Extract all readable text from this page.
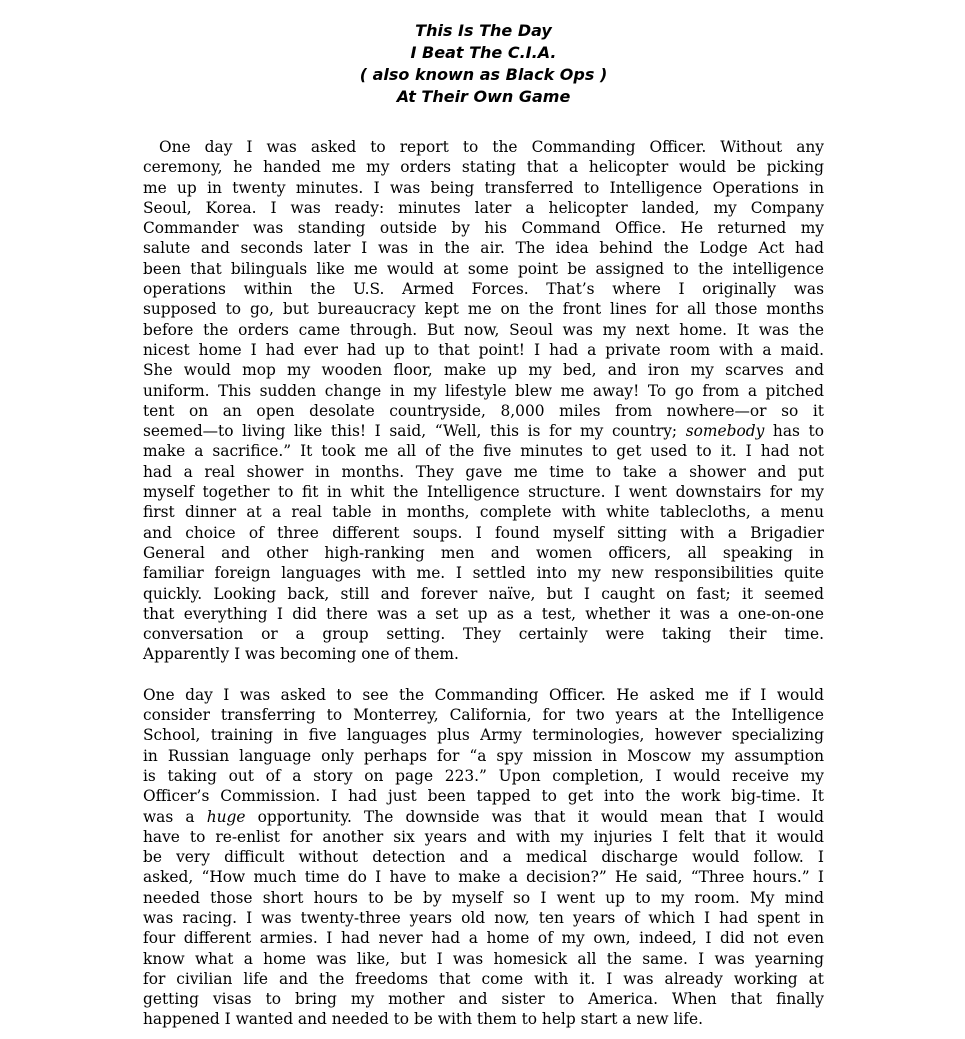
This Is The Day
I Beat The C.I.A.
( also known as Black Ops )
At Their Own Game
One day I was asked to report to the Commanding Officer. Without any
ceremony, he handed me my orders stating that a helicopter would be picking
me up in twenty minutes. I was being transferred to Intelligence Operations in
Seoul, Korea. I was ready: minutes later a helicopter landed, my Company
Commander was standing outside by his Command Office. He returned my
salute and seconds later I was in the air. The idea behind the Lodge Act had
been that bilinguals like me would at some point be assigned to the intelligence
operations within the U.S. Armed Forces. That’s where I originally was
supposed to go, but bureaucracy kept me on the front lines for all those months
before the orders came through. But now, Seoul was my next home. It was the
nicest home I had ever had up to that point! I had a private room with a maid.
She would mop my wooden floor, make up my bed, and iron my scarves and
uniform. This sudden change in my lifestyle blew me away! To go from a pitched
tent on an open desolate countryside, 8,000 miles from nowhere—or so it
seemed—to living like this! I said, “Well, this is for my country; somebody has to
make a sacrifice.” It took me all of the five minutes to get used to it. I had not
had a real shower in months. They gave me time to take a shower and put
myself together to fit in whit the Intelligence structure. I went downstairs for my
first dinner at a real table in months, complete with white tablecloths, a menu
and choice of three different soups. I found myself sitting with a Brigadier
General and other high-ranking men and women officers, all speaking in
familiar foreign languages with me. I settled into my new responsibilities quite
quickly. Looking back, still and forever naïve, but I caught on fast; it seemed
that everything I did there was a set up as a test, whether it was a one-on-one
conversation or a group setting. They certainly were taking their time.
Apparently I was becoming one of them.
One day I was asked to see the Commanding Officer. He asked me if I would
consider transferring to Monterrey, California, for two years at the Intelligence
School, training in five languages plus Army terminologies, however specializing
in Russian language only perhaps for “a spy mission in Moscow my assumption
is taking out of a story on page 223.” Upon completion, I would receive my
Officer’s Commission. I had just been tapped to get into the work big-time. It
was a huge opportunity. The downside was that it would mean that I would
have to re-enlist for another six years and with my injuries I felt that it would
be very difficult without detection and a medical discharge would follow. I
asked, “How much time do I have to make a decision?” He said, “Three hours.” I
needed those short hours to be by myself so I went up to my room. My mind
was racing. I was twenty-three years old now, ten years of which I had spent in
four different armies. I had never had a home of my own, indeed, I did not even
know what a home was like, but I was homesick all the same. I was yearning
for civilian life and the freedoms that come with it. I was already working at
getting visas to bring my mother and sister to America. When that finally
happened I wanted and needed to be with them to help start a new life.
